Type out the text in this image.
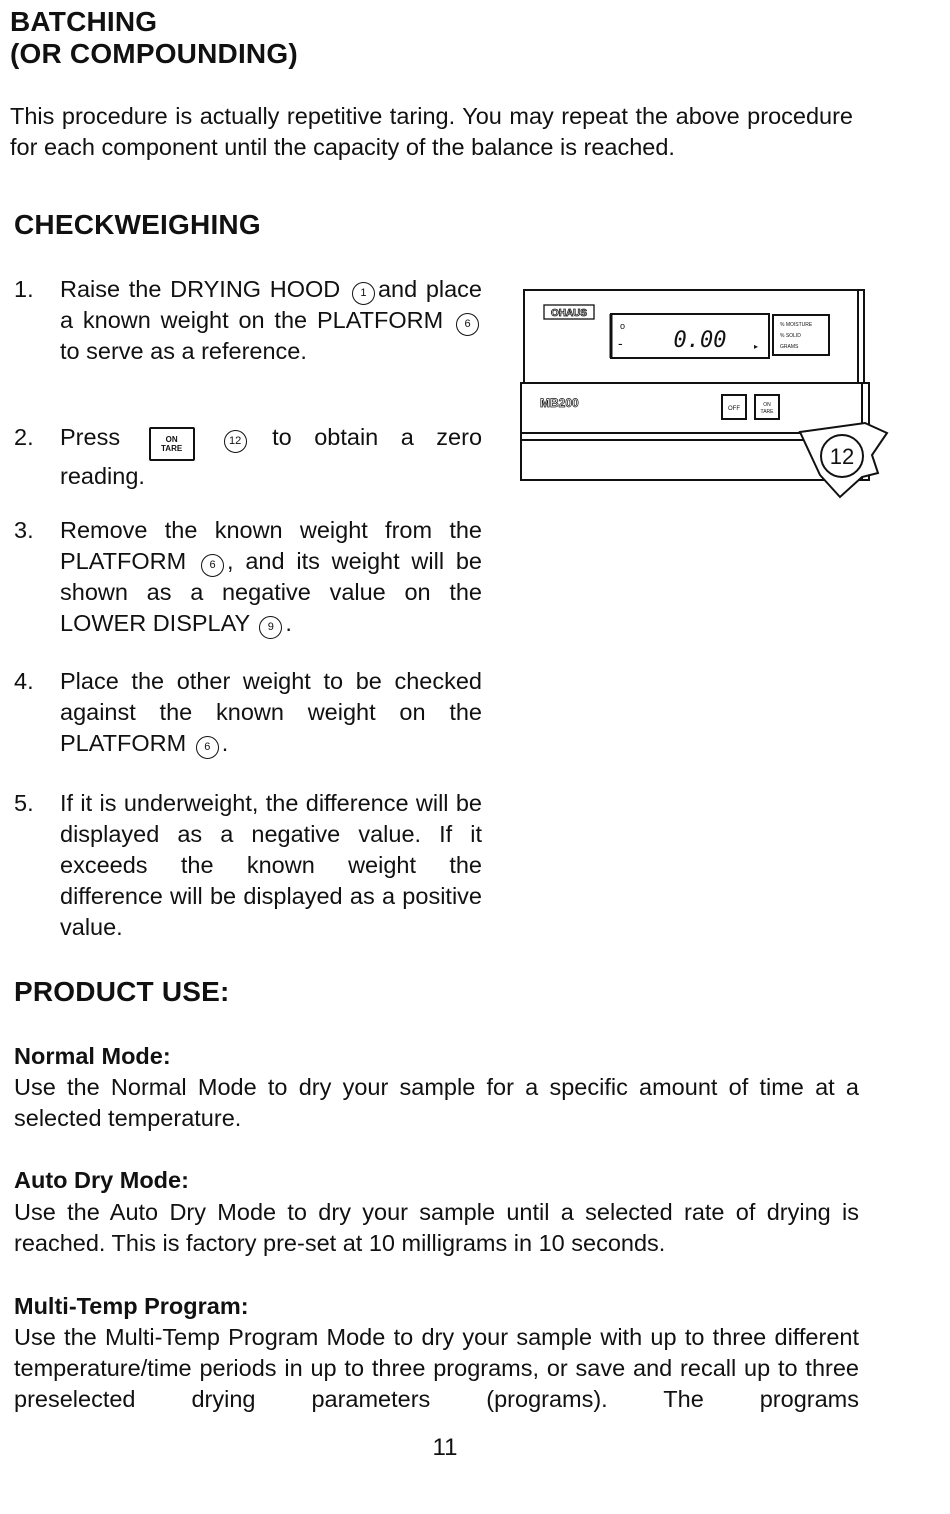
BATCHING
(OR COMPOUNDING)

This procedure is actually repetitive taring. You may repeat the above procedure for each component until the capacity of the balance is reached.

CHECKWEIGHING
1. Raise the DRYING HOOD 1 and place a known weight on the PLATFORM 6 to serve as a reference.

2. Press	ON
TARE12 to obtain a zero reading.

3. Remove the known weight from the PLATFORM 6 , and its weight will be shown as a negative value on the LOWER DISPLAY 9 .

4. Place the other weight to be checked against the known weight on the PLATFORM 6 .

5. If it is underweight, the difference will be displayed as a negative value. If it exceeds the known weight the difference will be displayed as a positive value.

OHAUS
o
- 0.00	▸
% MOISTURE
% SOLID
GRAMS
MB200	OFF
ON
TARE
12
PRODUCT USE:
Normal Mode:

Use the Normal Mode to dry your sample for a specific amount of time at a selected temperature.

Auto Dry Mode:

Use the Auto Dry Mode to dry your sample until a selected rate of drying is reached. This is factory pre-set at 10 milligrams in 10 seconds.

Multi-Temp Program:

Use the Multi-Temp Program Mode to dry your sample with up to three different temperature/time periods in up to three programs, or save and recall up to three preselected drying parameters (programs). The programs

11
